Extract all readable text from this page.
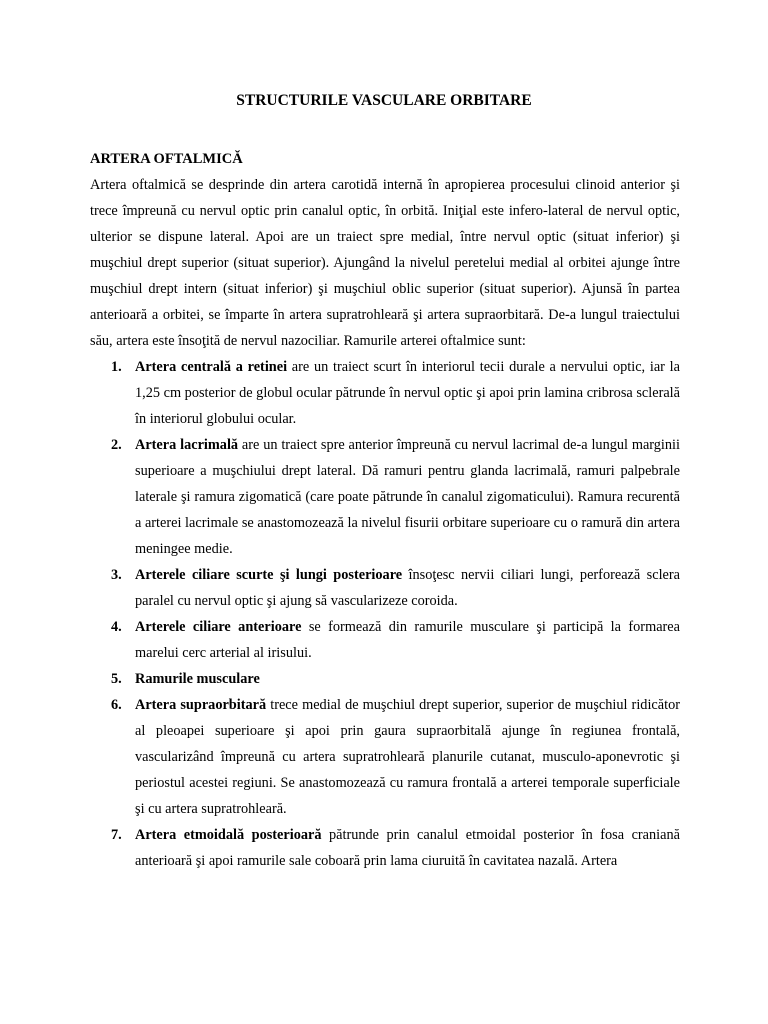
STRUCTURILE VASCULARE ORBITARE
ARTERA OFTALMICĂ

Artera oftalmică se desprinde din artera carotidă internă în apropierea procesului clinoid anterior şi trece împreună cu nervul optic prin canalul optic, în orbită. Iniţial este infero-lateral de nervul optic, ulterior se dispune lateral. Apoi are un traiect spre medial, între nervul optic (situat inferior) şi muşchiul drept superior (situat superior). Ajungând la nivelul peretelui medial al orbitei ajunge între muşchiul drept intern (situat inferior) şi muşchiul oblic superior (situat superior). Ajunsă în partea anterioară a orbitei, se împarte în artera supratrohleară şi artera supraorbitară. De-a lungul traiectului său, artera este însoţită de nervul nazociliar. Ramurile arterei oftalmice sunt:

1. Artera centrală a retinei are un traiect scurt în interiorul tecii durale a nervului optic, iar la 1,25 cm posterior de globul ocular pătrunde în nervul optic şi apoi prin lamina cribrosa sclerală în interiorul globului ocular.
2. Artera lacrimală are un traiect spre anterior împreună cu nervul lacrimal de-a lungul marginii superioare a muşchiului drept lateral. Dă ramuri pentru glanda lacrimală, ramuri palpebrale laterale şi ramura zigomatică (care poate pătrunde în canalul zigomaticului). Ramura recurentă a arterei lacrimale se anastomozează la nivelul fisurii orbitare superioare cu o ramură din artera meningee medie.
3. Arterele ciliare scurte şi lungi posterioare însoţesc nervii ciliari lungi, perforează sclera paralel cu nervul optic şi ajung să vascularizeze coroida.
4. Arterele ciliare anterioare se formează din ramurile musculare şi participă la formarea marelui cerc arterial al irisului.
5. Ramurile musculare
6. Artera supraorbitară trece medial de muşchiul drept superior, superior de muşchiul ridicător al pleoapei superioare şi apoi prin gaura supraorbitală ajunge în regiunea frontală, vascularizând împreună cu artera supratrohleară planurile cutanat, musculo-aponevrotic şi periostul acestei regiuni. Se anastomozează cu ramura frontală a arterei temporale superficiale şi cu artera supratrohleară.
7. Artera etmoidală posterioară pătrunde prin canalul etmoidal posterior în fosa craniană anterioară şi apoi ramurile sale coboară prin lama ciuruită în cavitatea nazală. Artera
